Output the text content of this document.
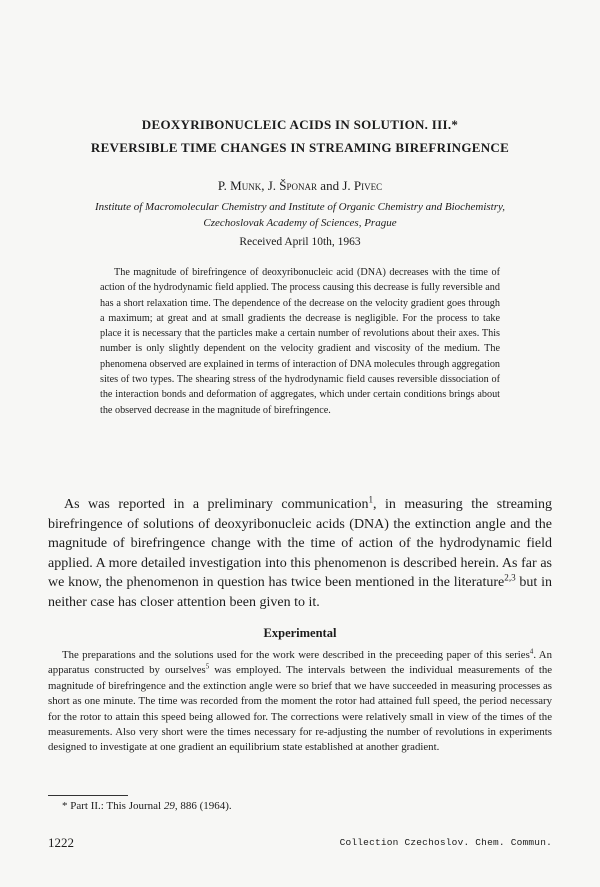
DEOXYRIBONUCLEIC ACIDS IN SOLUTION. III.*
REVERSIBLE TIME CHANGES IN STREAMING BIREFRINGENCE

P. Munk, J. Šponar and J. Pivec

Institute of Macromolecular Chemistry and Institute of Organic Chemistry and Biochemistry,
Czechoslovak Academy of Sciences, Prague

Received April 10th, 1963

The magnitude of birefringence of deoxyribonucleic acid (DNA) decreases with the time of action of the hydrodynamic field applied. The process causing this decrease is fully reversible and has a short relaxation time. The dependence of the decrease on the velocity gradient goes through a maximum; at great and at small gradients the decrease is negligible. For the process to take place it is necessary that the particles make a certain number of revolutions about their axes. This number is only slightly dependent on the velocity gradient and viscosity of the medium. The phenomena observed are explained in terms of interaction of DNA molecules through aggregation sites of two types. The shearing stress of the hydrodynamic field causes reversible dissociation of the interaction bonds and deformation of aggregates, which under certain conditions brings about the observed decrease in the magnitude of birefringence.

As was reported in a preliminary communication$^1$, in measuring the streaming birefringence of solutions of deoxyribonucleic acids (DNA) the extinction angle and the magnitude of birefringence change with the time of action of the hydrodynamic field applied. A more detailed investigation into this phenomenon is described herein. As far as we know, the phenomenon in question has twice been mentioned in the literature$^{2,3}$ but in neither case has closer attention been given to it.

Experimental

The preparations and the solutions used for the work were described in the preceeding paper of this series$^4$. An apparatus constructed by ourselves$^5$ was employed. The intervals between the individual measurements of the magnitude of birefringence and the extinction angle were so brief that we have succeeded in measuring processes as short as one minute. The time was recorded from the moment the rotor had attained full speed, the period necessary for the rotor to attain this speed being allowed for. The corrections were relatively small in view of the times of the measurements. Also very short were the times necessary for re-adjusting the number of revolutions in experiments designed to investigate at one gradient an equilibrium state established at another gradient.

* Part II.: This Journal 29, 886 (1964).

1222	Collection Czechoslov. Chem. Commun.
